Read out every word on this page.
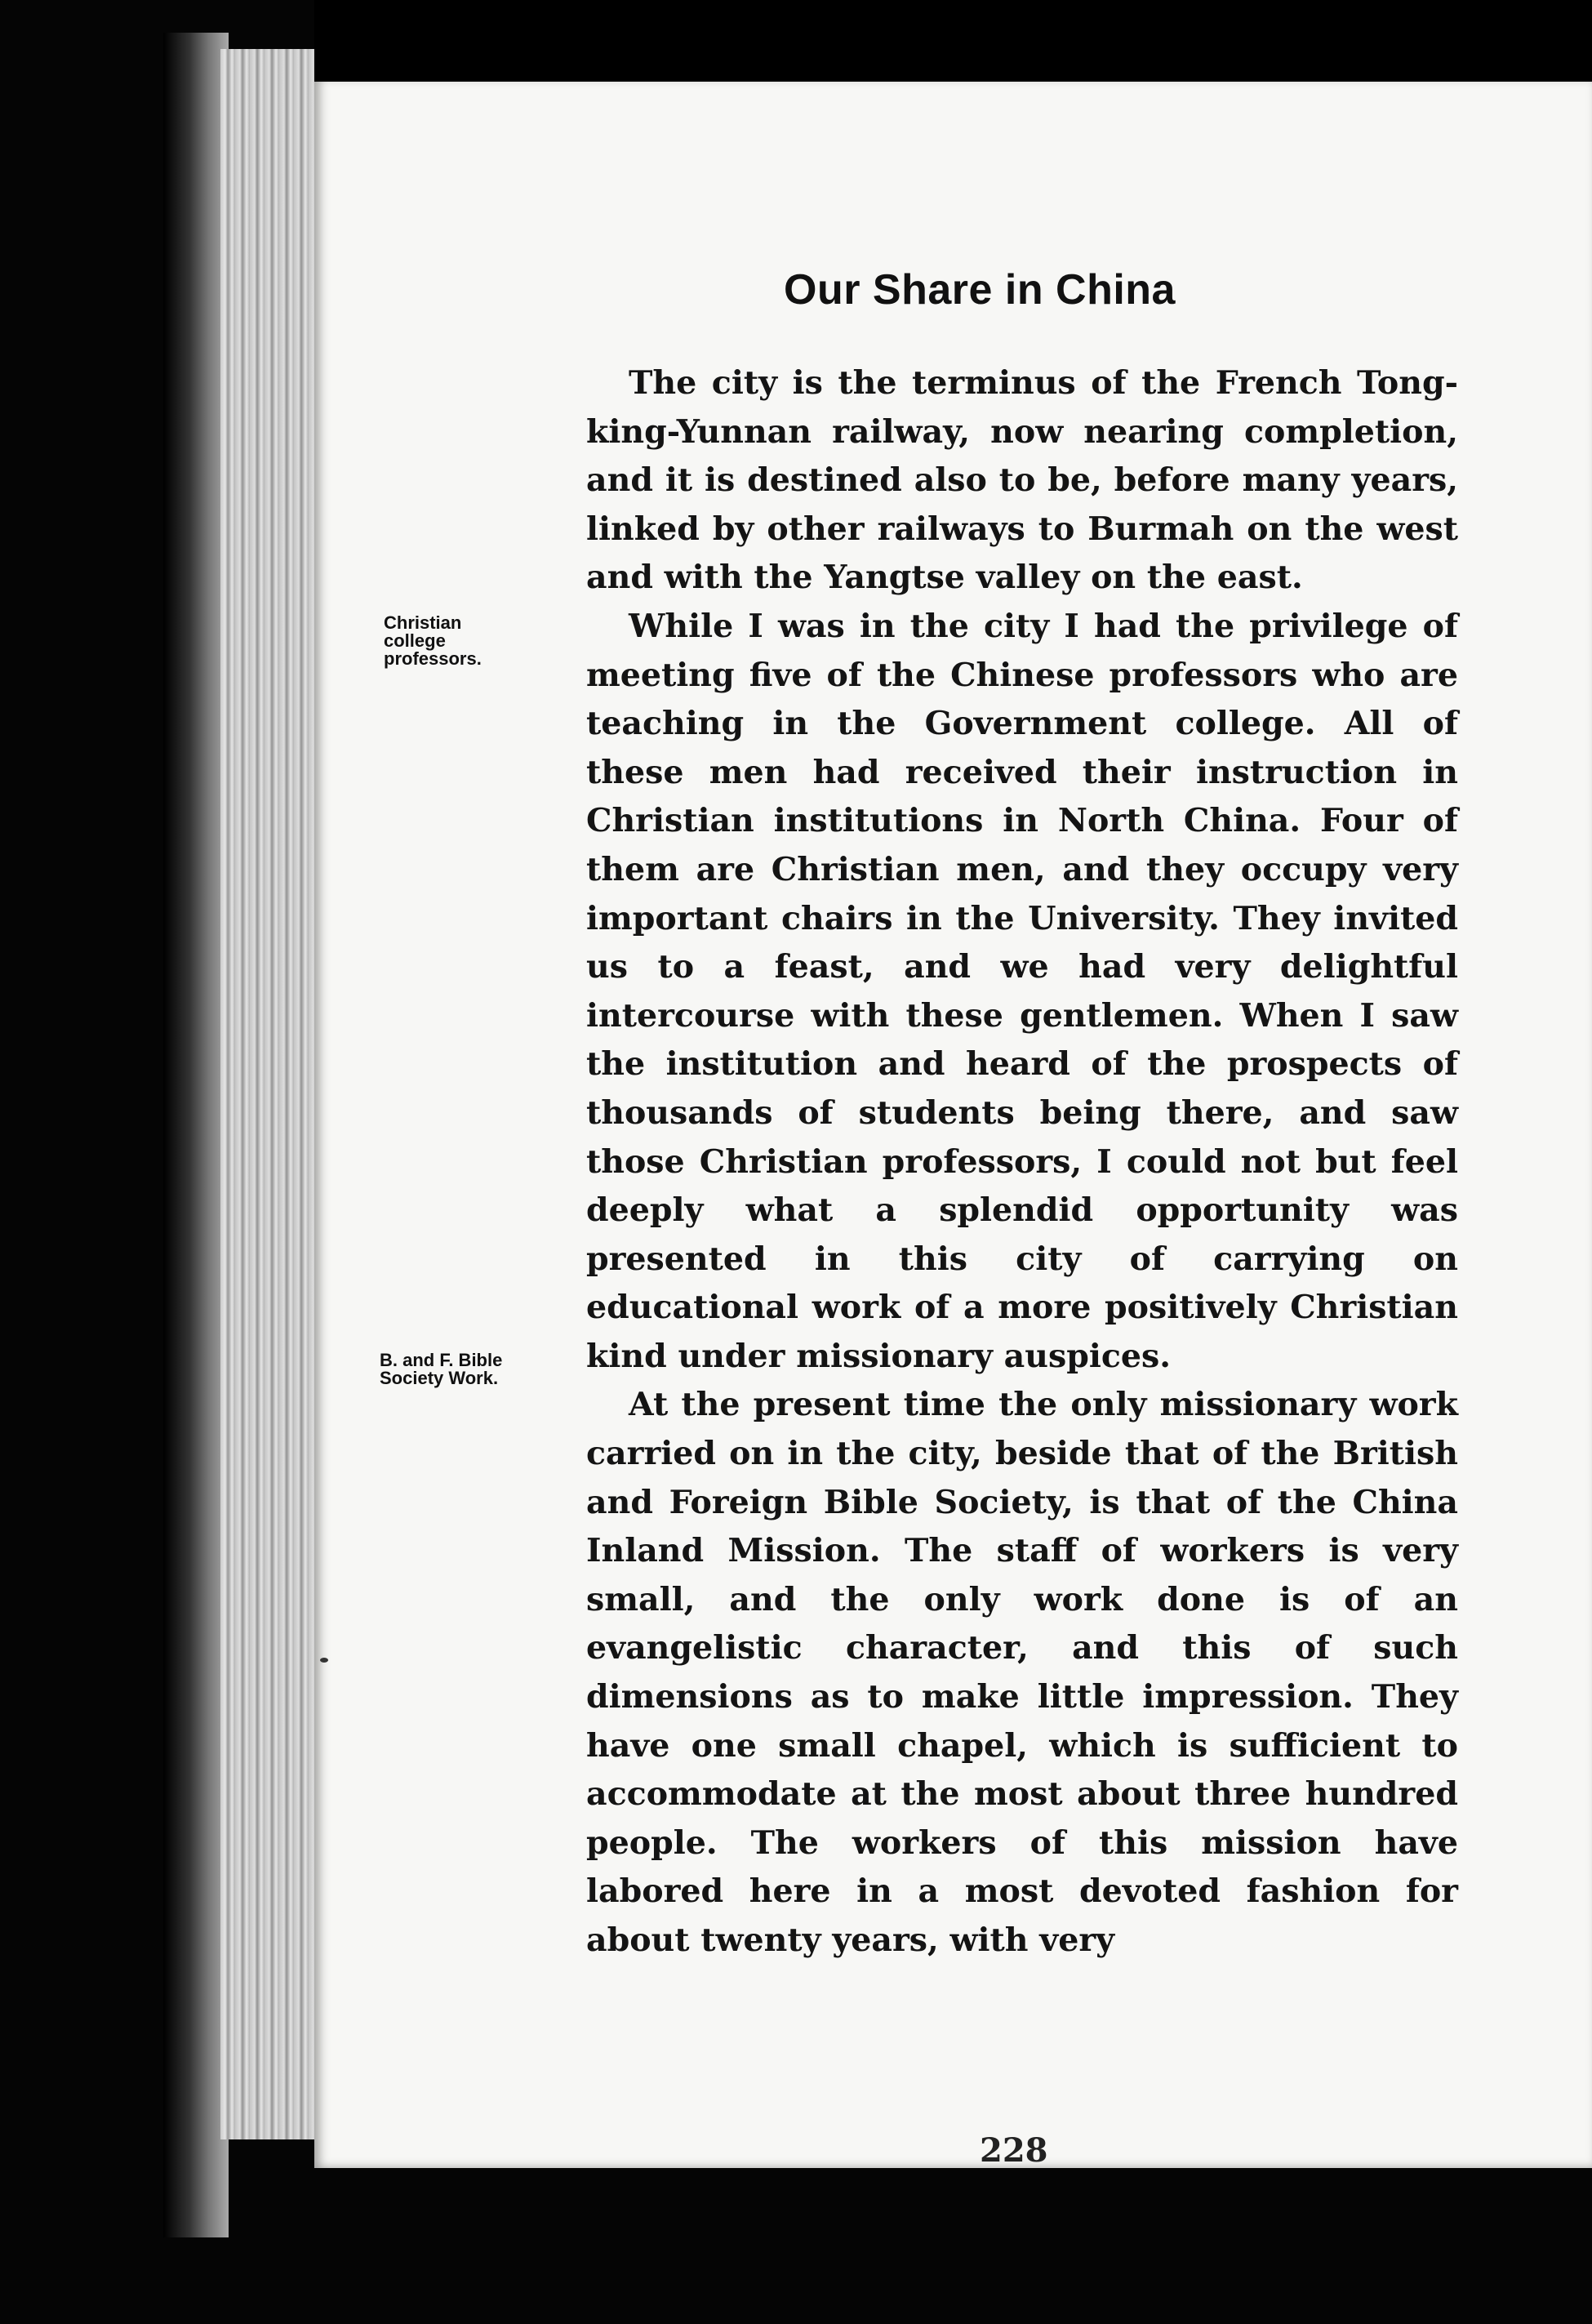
Our Share in China
Christian
college
professors.
B. and F. Bible
Society Work.

The city is the terminus of the French Tong-king-Yunnan railway, now nearing completion, and it is destined also to be, before many years, linked by other railways to Burmah on the west and with the Yangtse valley on the east.

While I was in the city I had the privilege of meeting five of the Chinese professors who are teaching in the Government college. All of these men had received their instruction in Christian institutions in North China. Four of them are Christian men, and they occupy very important chairs in the University. They invited us to a feast, and we had very delightful intercourse with these gentlemen. When I saw the institution and heard of the prospects of thousands of students being there, and saw those Christian professors, I could not but feel deeply what a splendid opportunity was presented in this city of carrying on educational work of a more positively Christian kind under missionary auspices.

At the present time the only missionary work carried on in the city, beside that of the British and Foreign Bible Society, is that of the China Inland Mission. The staff of workers is very small, and the only work done is of an evangelistic character, and this of such dimensions as to make little impression. They have one small chapel, which is sufficient to accommodate at the most about three hundred people. The workers of this mission have labored here in a most devoted fashion for about twenty years, with very

228
